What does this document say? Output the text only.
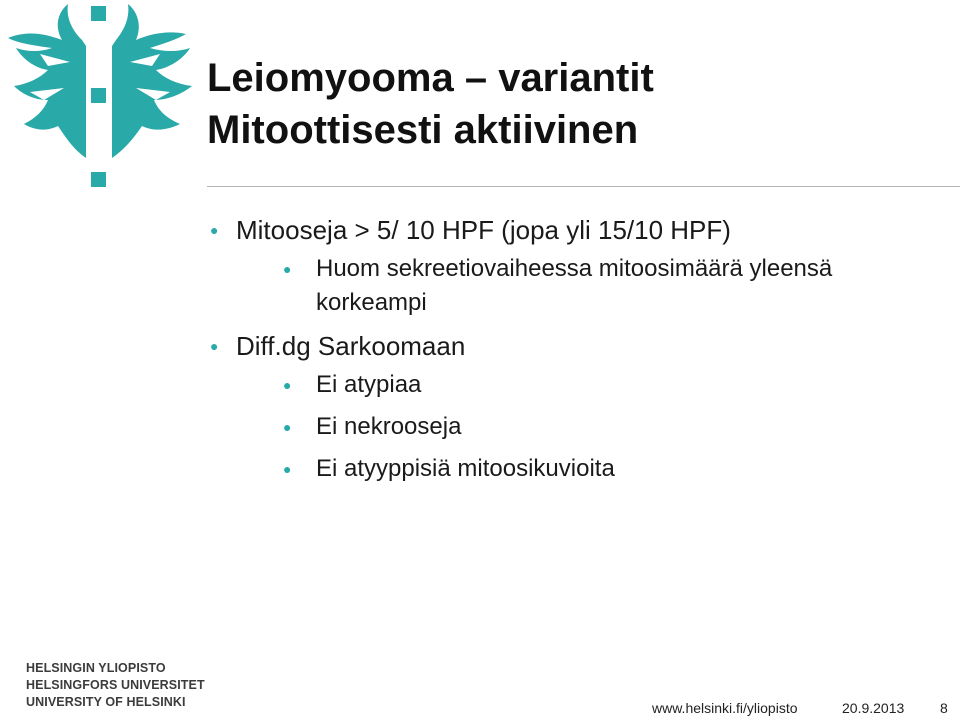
Leiomyooma – variantit
Mitoottisesti aktiivinen
● Mitooseja > 5/ 10 HPF (jopa yli 15/10 HPF)
● Huom sekreetiovaiheessa mitoosimäärä yleensä korkeampi
● Diff.dg Sarkoomaan
● Ei atypiaa
● Ei nekrooseja
● Ei atyyppisiä mitoosikuvioita
HELSINGIN YLIOPISTO
HELSINGFORS UNIVERSITET
UNIVERSITY OF HELSINKI	www.helsinki.fi/yliopisto	20.9.2013	8
